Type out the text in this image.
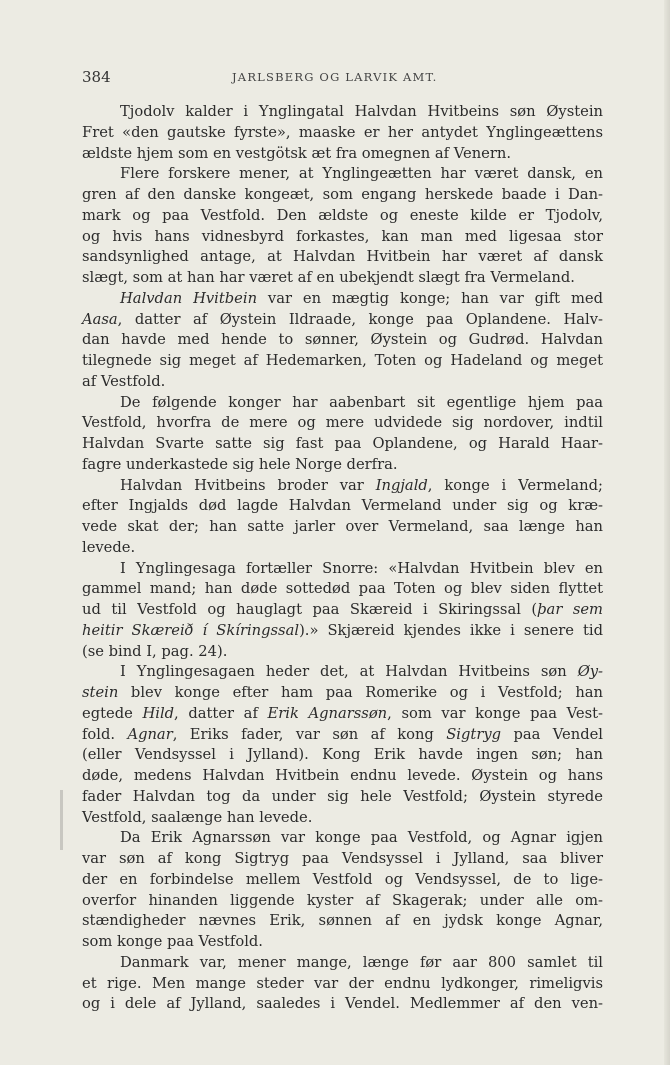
384	JARLSBERG OG LARVIK AMT.
Tjodolv kalder i Ynglingatal Halvdan Hvitbeins søn Øystein
Fret «den gautske fyrste», maaske er her antydet Ynglingeættens
ældste hjem som en vestgötsk æt fra omegnen af Venern.
Flere forskere mener, at Ynglingeætten har været dansk, en
gren af den danske kongeæt, som engang herskede baade i Dan-
mark og paa Vestfold. Den ældste og eneste kilde er Tjodolv,
og hvis hans vidnesbyrd forkastes, kan man med ligesaa stor
sandsynlighed antage, at Halvdan Hvitbein har været af dansk
slægt, som at han har været af en ubekjendt slægt fra Vermeland.
Halvdan Hvitbein var en mægtig konge; han var gift med
Aasa, datter af Øystein Ildraade, konge paa Oplandene. Halv-
dan havde med hende to sønner, Øystein og Gudrød. Halvdan
tilegnede sig meget af Hedemarken, Toten og Hadeland og meget
af Vestfold.
De følgende konger har aabenbart sit egentlige hjem paa
Vestfold, hvorfra de mere og mere udvidede sig nordover, indtil
Halvdan Svarte satte sig fast paa Oplandene, og Harald Haar-
fagre underkastede sig hele Norge derfra.
Halvdan Hvitbeins broder var Ingjald, konge i Vermeland;
efter Ingjalds død lagde Halvdan Vermeland under sig og kræ-
vede skat der; han satte jarler over Vermeland, saa længe han
levede.
I Ynglingesaga fortæller Snorre: «Halvdan Hvitbein blev en
gammel mand; han døde sottedød paa Toten og blev siden flyttet
ud til Vestfold og hauglagt paa Skæreid i Skiringssal (þar sem
heitir Skæreið í Skíringssal).» Skjæreid kjendes ikke i senere tid
(se bind I, pag. 24).
I Ynglingesagaen heder det, at Halvdan Hvitbeins søn Øy-
stein blev konge efter ham paa Romerike og i Vestfold; han
egtede Hild, datter af Erik Agnarssøn, som var konge paa Vest-
fold. Agnar, Eriks fader, var søn af kong Sigtryg paa Vendel
(eller Vendsyssel i Jylland). Kong Erik havde ingen søn; han
døde, medens Halvdan Hvitbein endnu levede. Øystein og hans
fader Halvdan tog da under sig hele Vestfold; Øystein styrede
Vestfold, saalænge han levede.
Da Erik Agnarssøn var konge paa Vestfold, og Agnar igjen
var søn af kong Sigtryg paa Vendsyssel i Jylland, saa bliver
der en forbindelse mellem Vestfold og Vendsyssel, de to lige-
overfor hinanden liggende kyster af Skagerak; under alle om-
stændigheder nævnes Erik, sønnen af en jydsk konge Agnar,
som konge paa Vestfold.
Danmark var, mener mange, længe før aar 800 samlet til
et rige. Men mange steder var der endnu lydkonger, rimeligvis
og i dele af Jylland, saaledes i Vendel. Medlemmer af den ven-
